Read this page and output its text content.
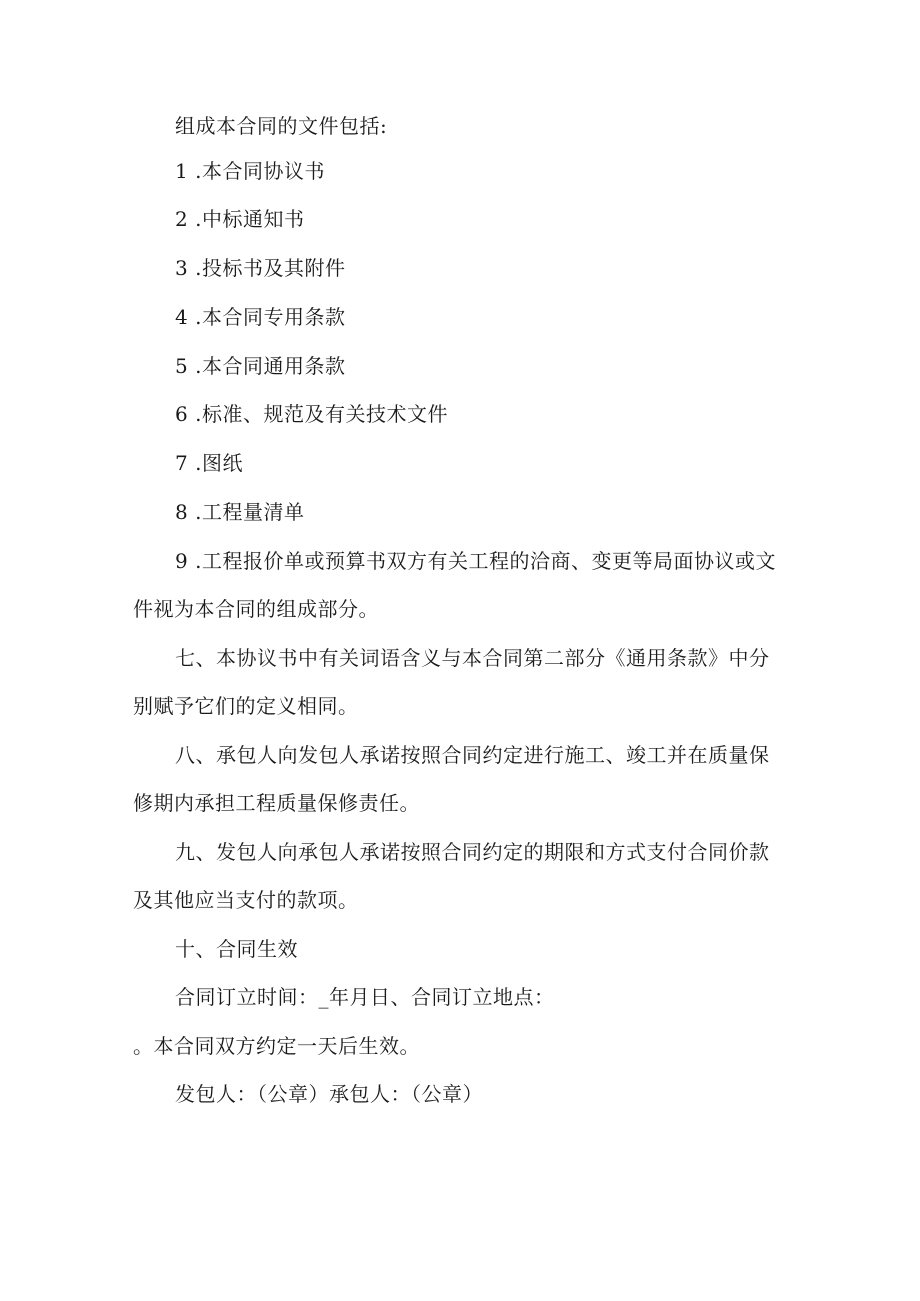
组成本合同的文件包括:
1 .本合同协议书
2 .中标通知书
3 .投标书及其附件
4 .本合同专用条款
5 .本合同通用条款
6 .标准、规范及有关技术文件
7 .图纸
8 .工程量清单
9 .工程报价单或预算书双方有关工程的洽商、变更等局面协议或文
件视为本合同的组成部分。
七、本协议书中有关词语含义与本合同第二部分《通用条款》中分
别赋予它们的定义相同。
八、承包人向发包人承诺按照合同约定进行施工、竣工并在质量保
修期内承担工程质量保修责任。
九、发包人向承包人承诺按照合同约定的期限和方式支付合同价款
及其他应当支付的款项。
十、合同生效
合同订立时间：_年月日、合同订立地点：
。本合同双方约定一天后生效。
发包人：（公章）承包人：（公章）
